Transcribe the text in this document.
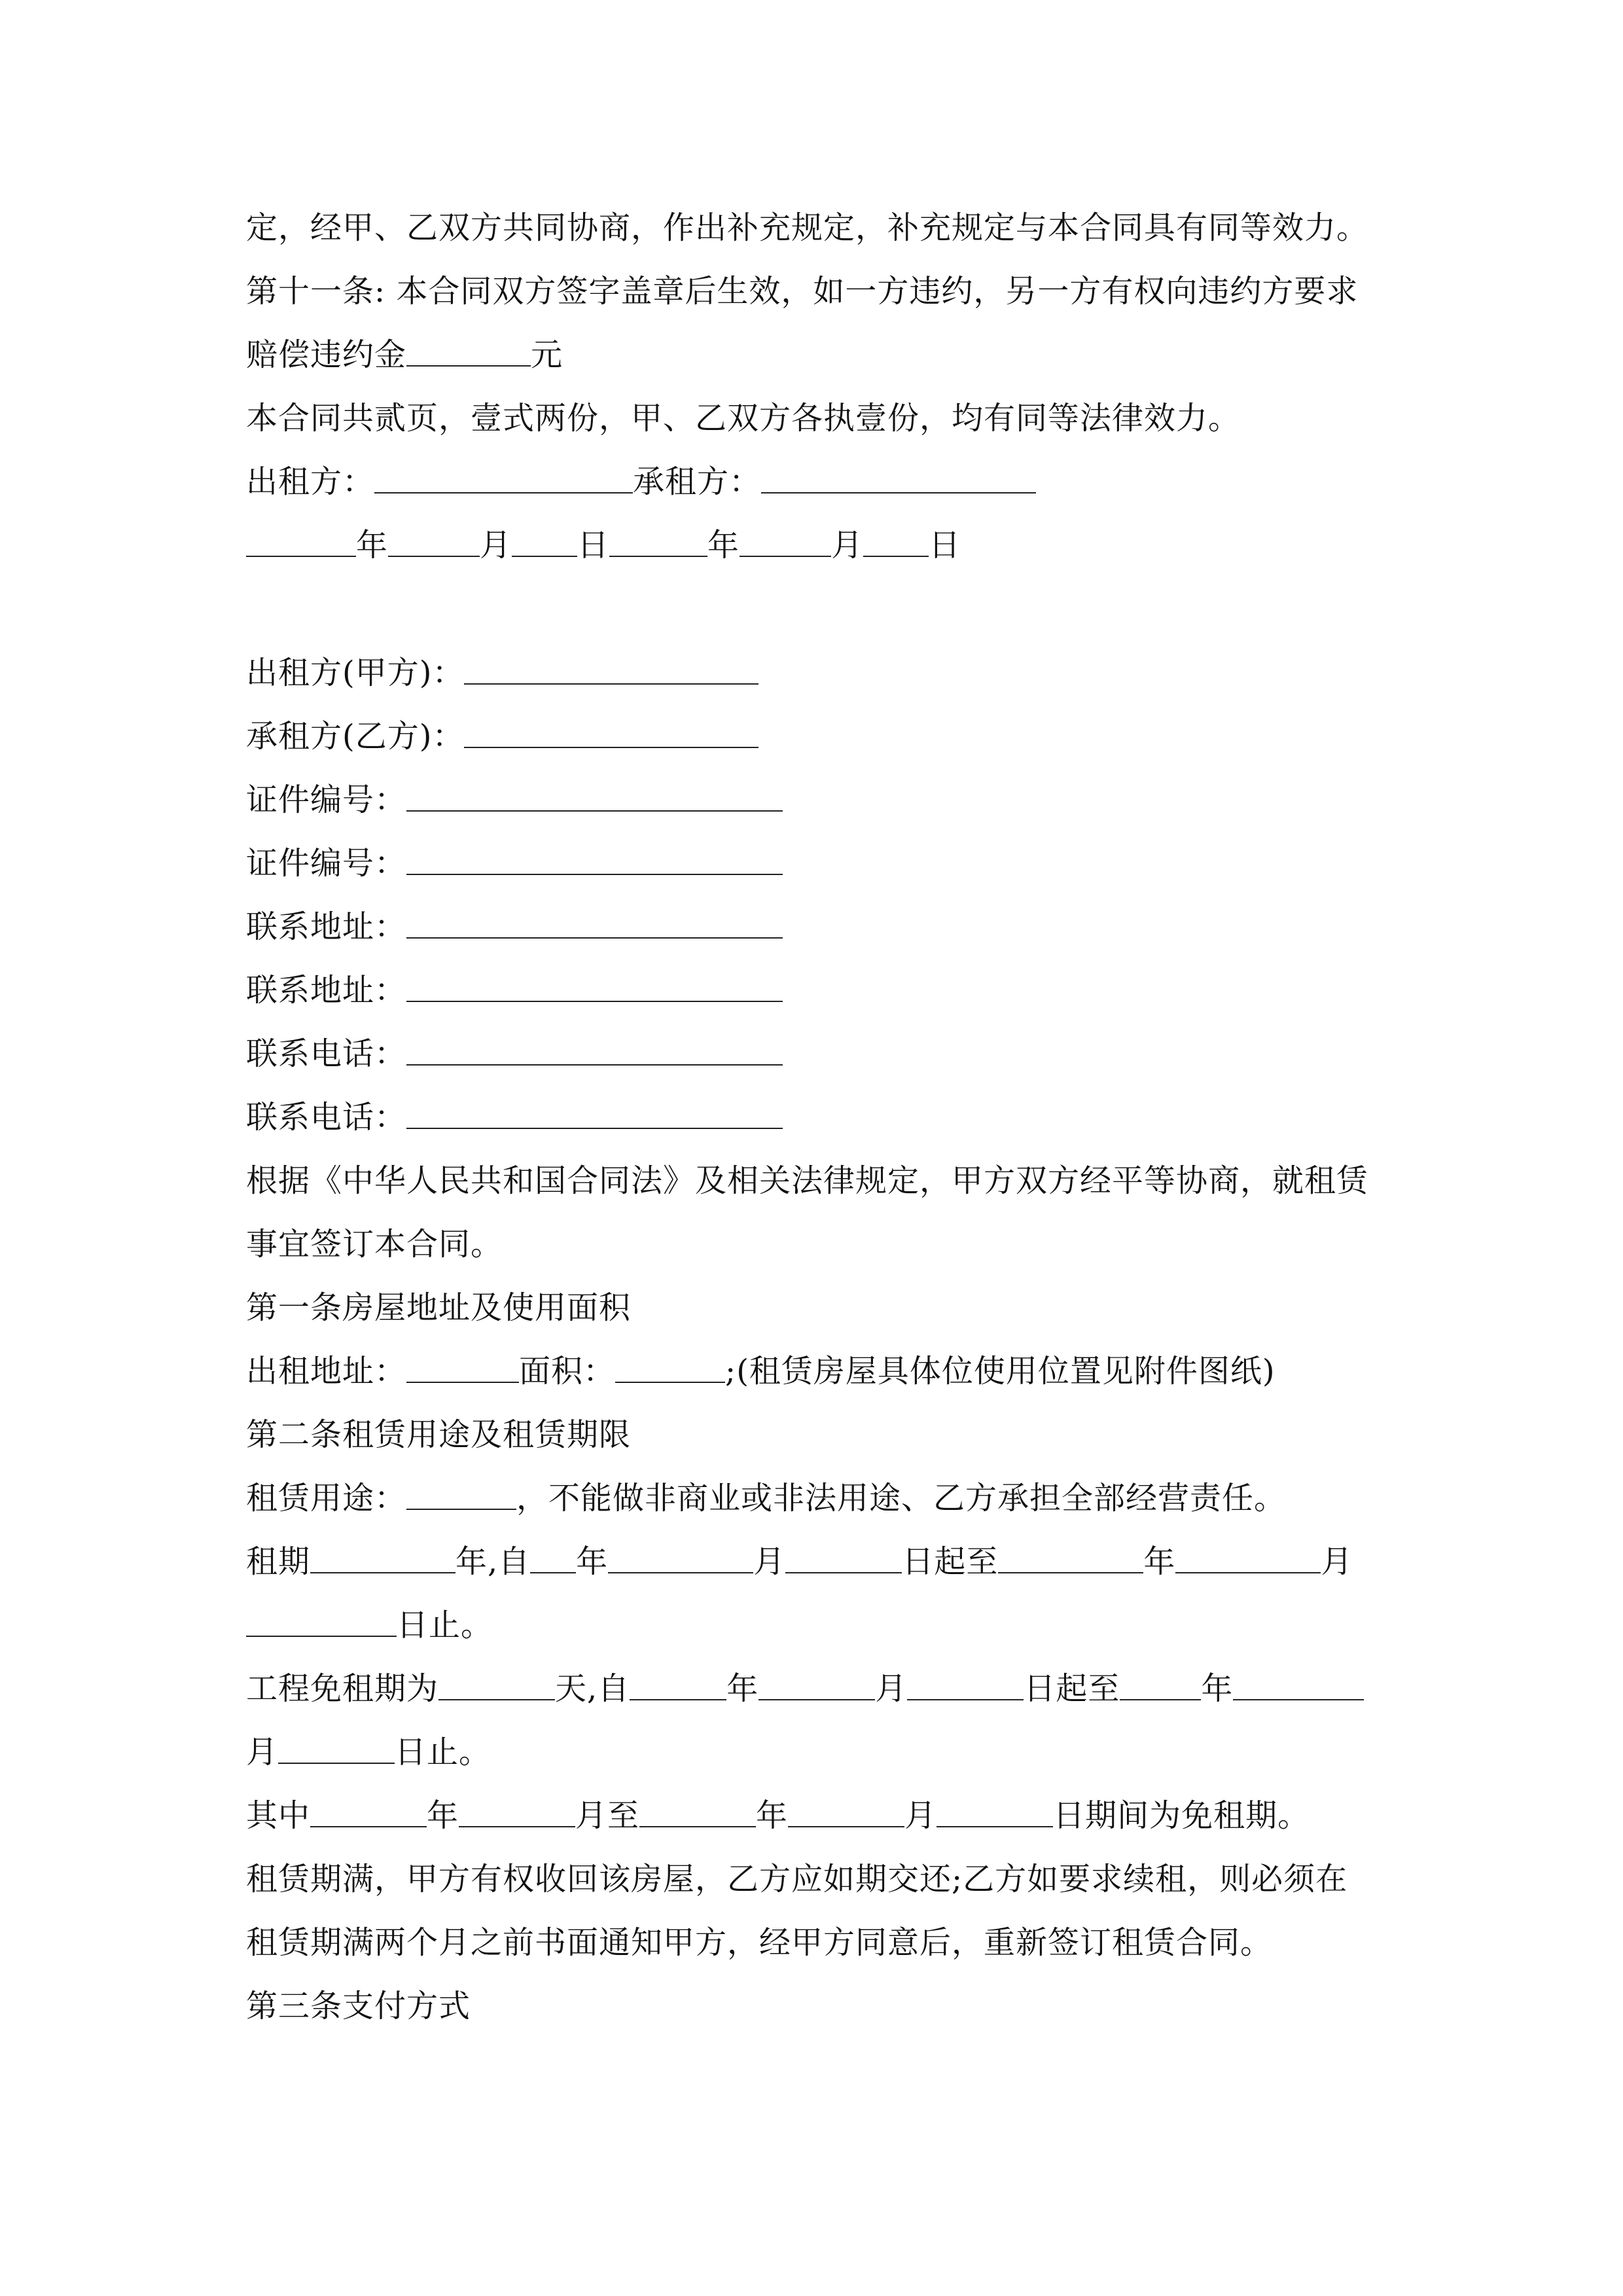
定，经甲、乙双方共同协商，作出补充规定，补充规定与本合同具有同等效力。
第十一条: 本合同双方签字盖章后生效，如一方违约，另一方有权向违约方要求
赔偿违约金	元
本合同共贰页，壹式两份，甲、乙双方各执壹份，均有同等法律效力。
出租方：	承租方：
年	月 日	年	月 日
出租方(甲方)：
承租方(乙方)：
证件编号：
证件编号：
联系地址：
联系地址：
联系电话：
联系电话：
根据《中华人民共和国合同法》及相关法律规定，甲方双方经平等协商，就租赁
事宜签订本合同。
第一条房屋地址及使用面积
出租地址：	面积：	;(租赁房屋具体位使用位置见附件图纸)
第二条租赁用途及租赁期限
租赁用途：	，不能做非商业或非法用途、乙方承担全部经营责任。
租期	年,自 年	月	日起至	年	月
日止。
工程免租期为	天,自	年	月	日起至	年
月	日止。
其中	年	月至	年	月	日期间为免租期。
租赁期满，甲方有权收回该房屋，乙方应如期交还;乙方如要求续租，则必须在
租赁期满两个月之前书面通知甲方，经甲方同意后，重新签订租赁合同。
第三条支付方式
